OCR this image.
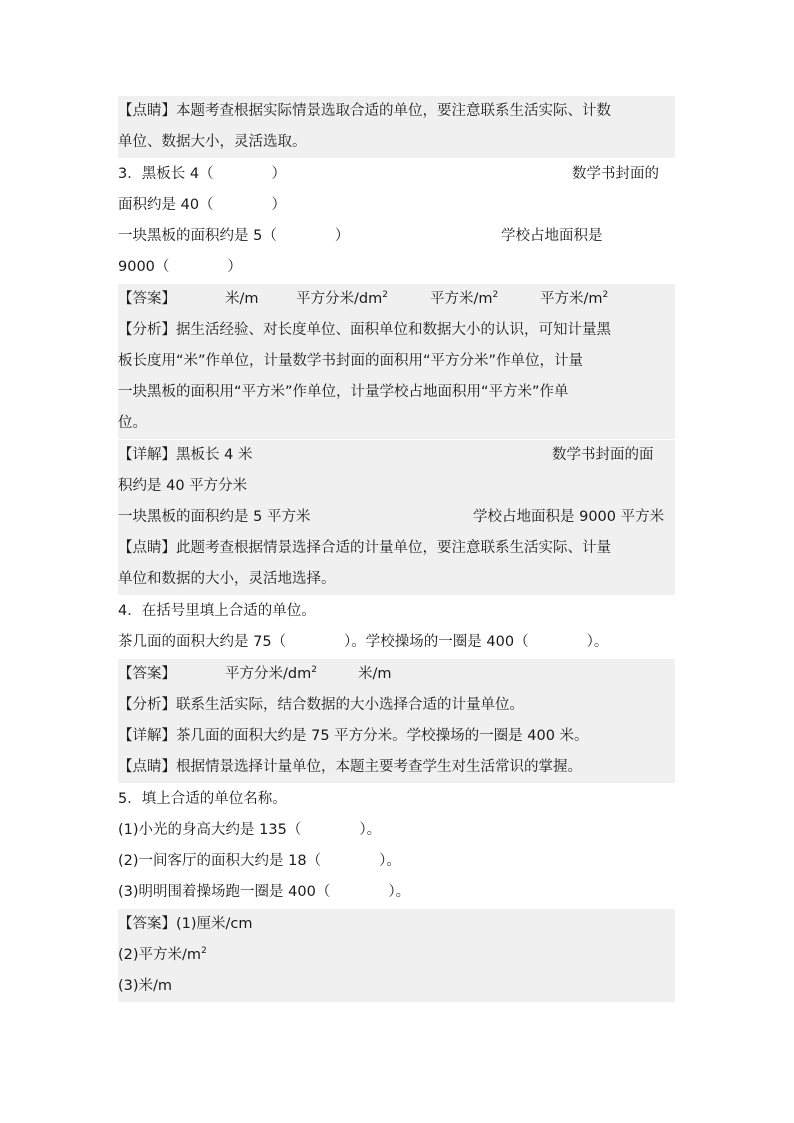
【点睛】本题考查根据实际情景选取合适的单位，要注意联系生活实际、计数
单位、数据大小，灵活选取。
3．黑板长 4（　　　　）	数学书封面的
面积约是 40（　　　　）
一块黑板的面积约是 5（　　　　）	学校占地面积是
9000（　　　　）
【答案】	米/m	平方分米$/dm^2$	平方米$/m^2$	平方米$/m^2$
【分析】据生活经验、对长度单位、面积单位和数据大小的认识，可知计量黑
板长度用“米”作单位，计量数学书封面的面积用“平方分米”作单位，计量
一块黑板的面积用“平方米”作单位，计量学校占地面积用“平方米”作单
位。
【详解】黑板长 4 米	数学书封面的面
积约是 40 平方分米
一块黑板的面积约是 5 平方米	学校占地面积是 9000 平方米
【点睛】此题考查根据情景选择合适的计量单位，要注意联系生活实际、计量
单位和数据的大小，灵活地选择。
4．在括号里填上合适的单位。
茶几面的面积大约是 75（　　　　）。学校操场的一圈是 400（　　　　）。
【答案】	平方分米$/dm^2$	米/m
【分析】联系生活实际，结合数据的大小选择合适的计量单位。
【详解】茶几面的面积大约是 75 平方分米。学校操场的一圈是 400 米。
【点睛】根据情景选择计量单位，本题主要考查学生对生活常识的掌握。
5．填上合适的单位名称。
(1)小光的身高大约是 135（　　　　）。
(2)一间客厅的面积大约是 18（　　　　）。
(3)明明围着操场跑一圈是 400（　　　　）。
【答案】(1)厘米/cm
(2)平方米$/m^2$
(3)米/m
